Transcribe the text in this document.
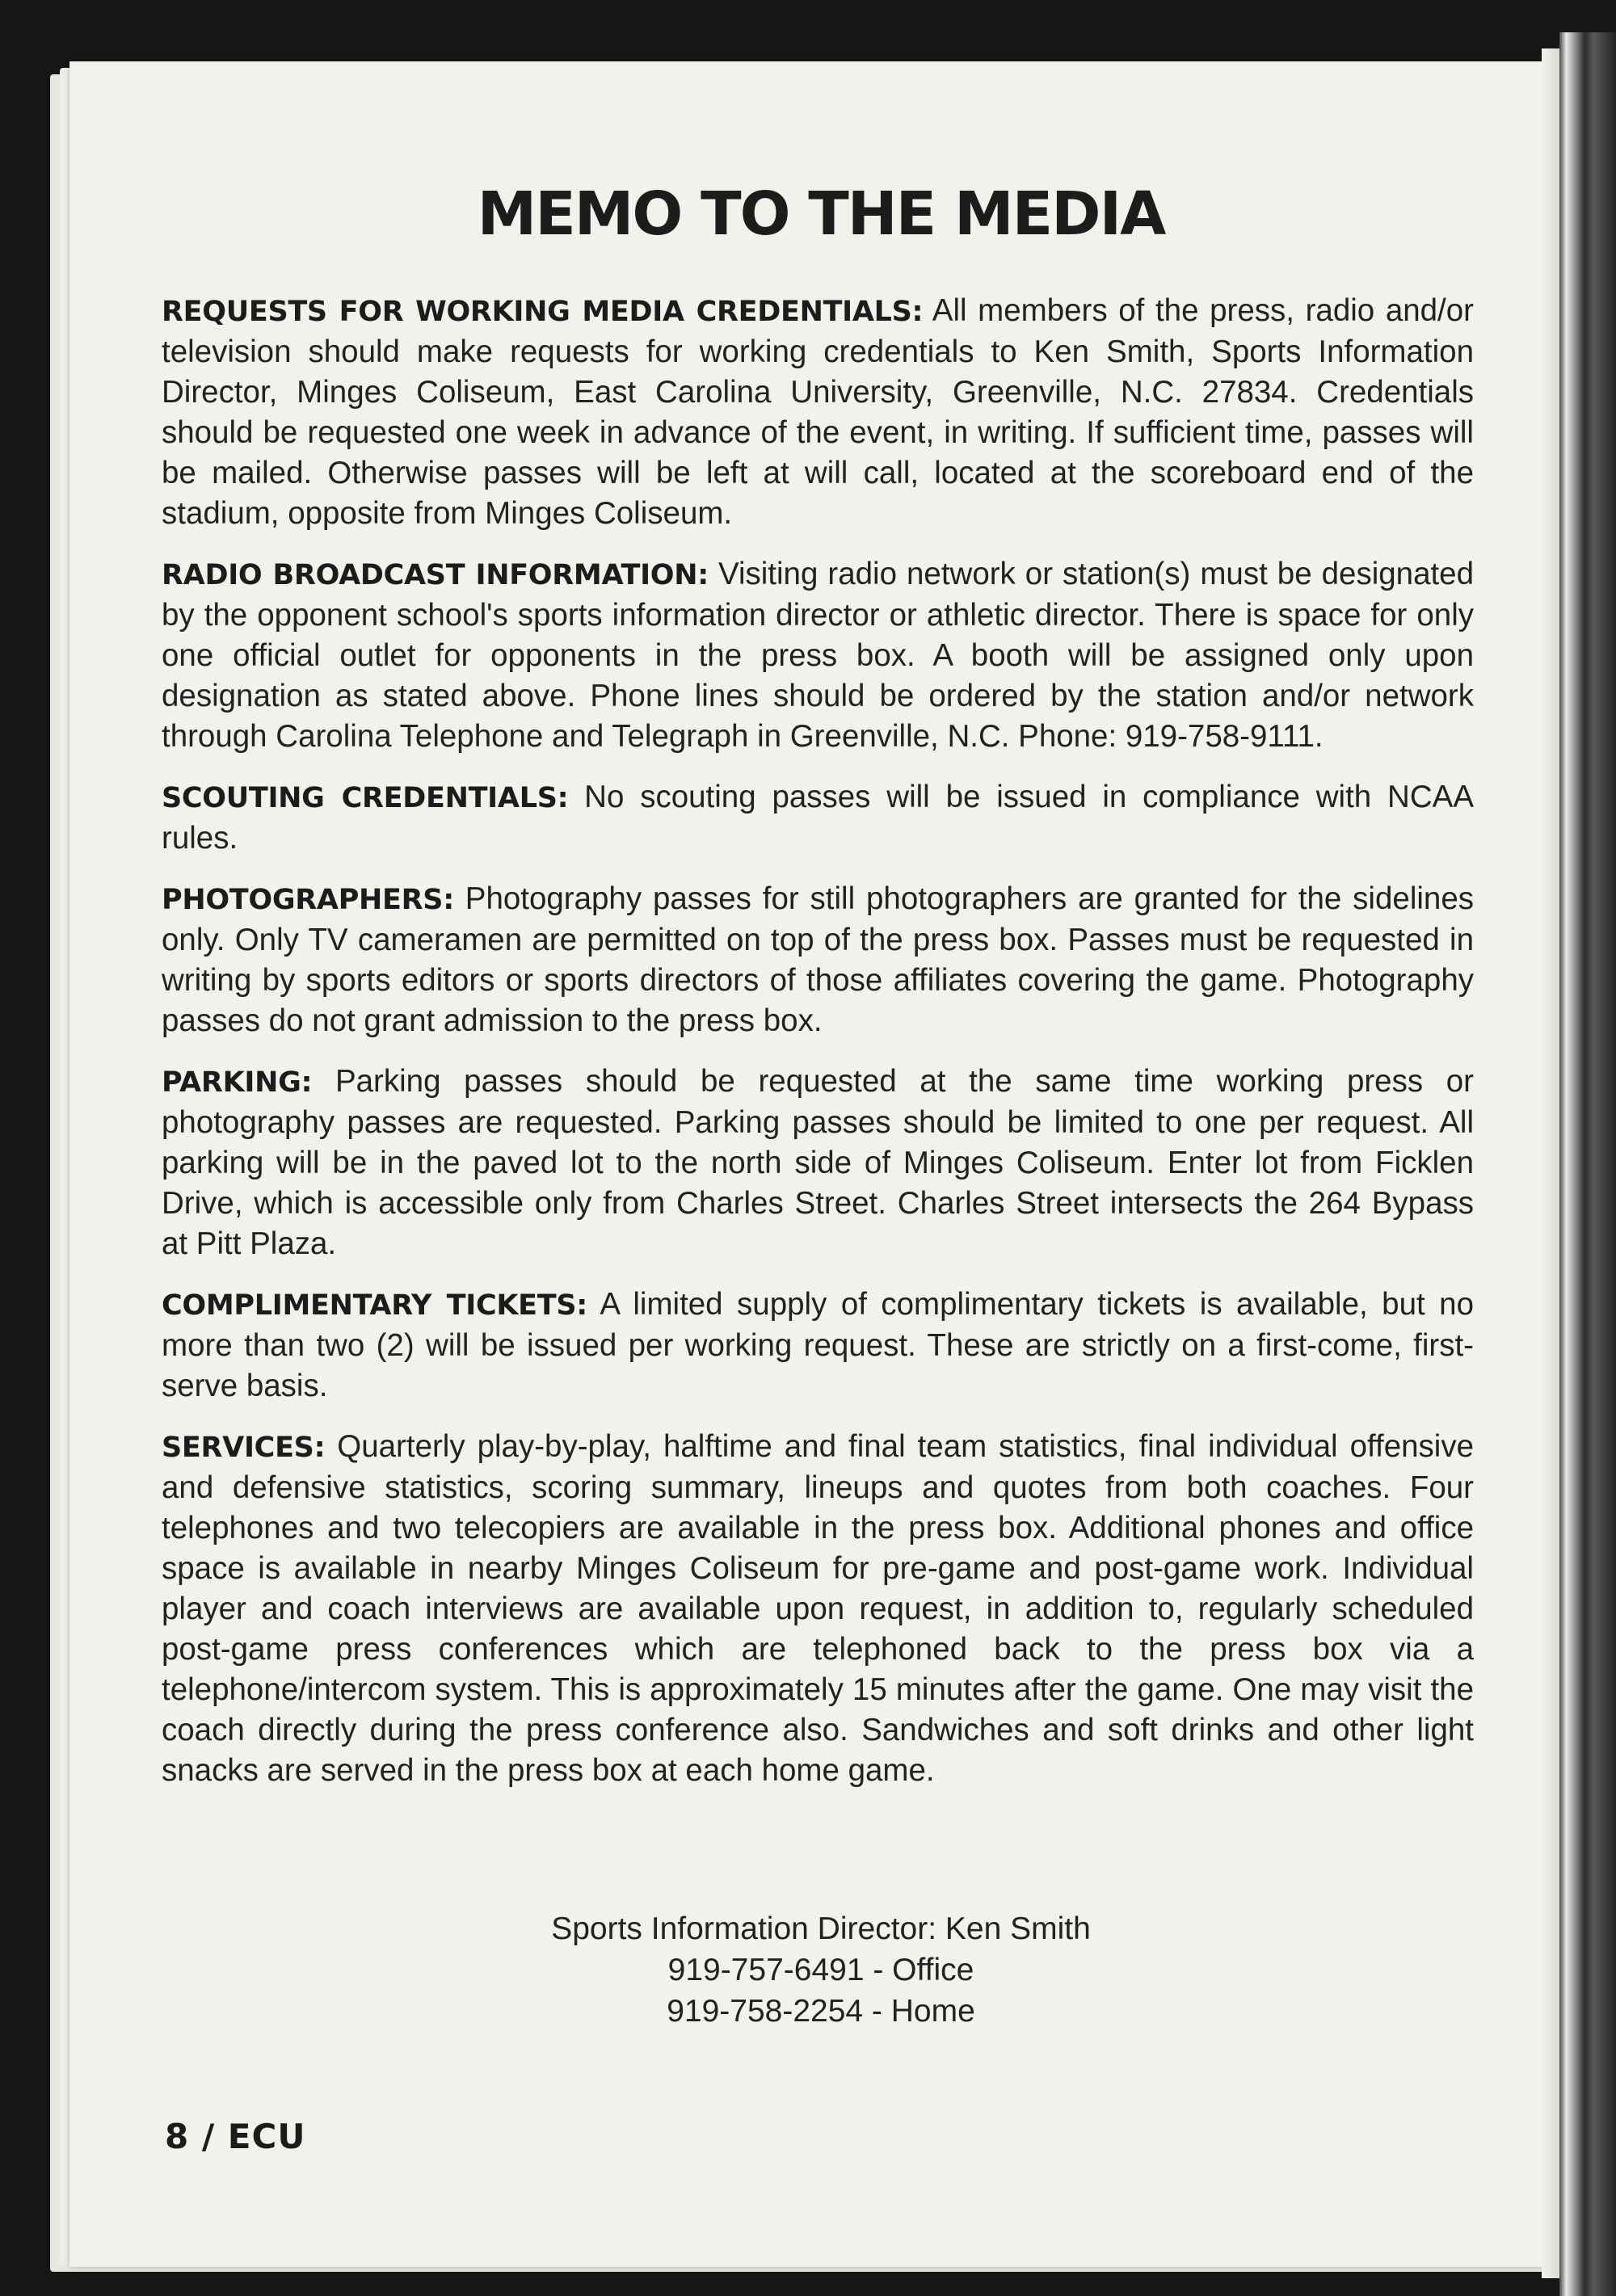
MEMO TO THE MEDIA

REQUESTS FOR WORKING MEDIA CREDENTIALS: All members of the press, radio and/or television should make requests for working credentials to Ken Smith, Sports Information Director, Minges Coliseum, East Carolina University, Greenville, N.C. 27834. Credentials should be requested one week in advance of the event, in writing. If sufficient time, passes will be mailed. Otherwise passes will be left at will call, located at the scoreboard end of the stadium, opposite from Minges Coliseum.

RADIO BROADCAST INFORMATION: Visiting radio network or station(s) must be designated by the opponent school's sports information director or athletic director. There is space for only one official outlet for opponents in the press box. A booth will be assigned only upon designation as stated above. Phone lines should be ordered by the station and/or network through Carolina Telephone and Telegraph in Greenville, N.C. Phone: 919-758-9111.

SCOUTING CREDENTIALS: No scouting passes will be issued in compliance with NCAA rules.

PHOTOGRAPHERS: Photography passes for still photographers are granted for the sidelines only. Only TV cameramen are permitted on top of the press box. Passes must be requested in writing by sports editors or sports directors of those affiliates covering the game. Photography passes do not grant admission to the press box.

PARKING: Parking passes should be requested at the same time working press or photography passes are requested. Parking passes should be limited to one per request. All parking will be in the paved lot to the north side of Minges Coliseum. Enter lot from Ficklen Drive, which is accessible only from Charles Street. Charles Street intersects the 264 Bypass at Pitt Plaza.

COMPLIMENTARY TICKETS: A limited supply of complimentary tickets is available, but no more than two (2) will be issued per working request. These are strictly on a first-come, first-serve basis.

SERVICES: Quarterly play-by-play, halftime and final team statistics, final individual offensive and defensive statistics, scoring summary, lineups and quotes from both coaches. Four telephones and two telecopiers are available in the press box. Additional phones and office space is available in nearby Minges Coliseum for pre-game and post-game work. Individual player and coach interviews are available upon request, in addition to, regularly scheduled post-game press conferences which are telephoned back to the press box via a telephone/intercom system. This is approximately 15 minutes after the game. One may visit the coach directly during the press conference also. Sandwiches and soft drinks and other light snacks are served in the press box at each home game.

Sports Information Director: Ken Smith
919-757-6491 - Office
919-758-2254 - Home
8 / ECU
